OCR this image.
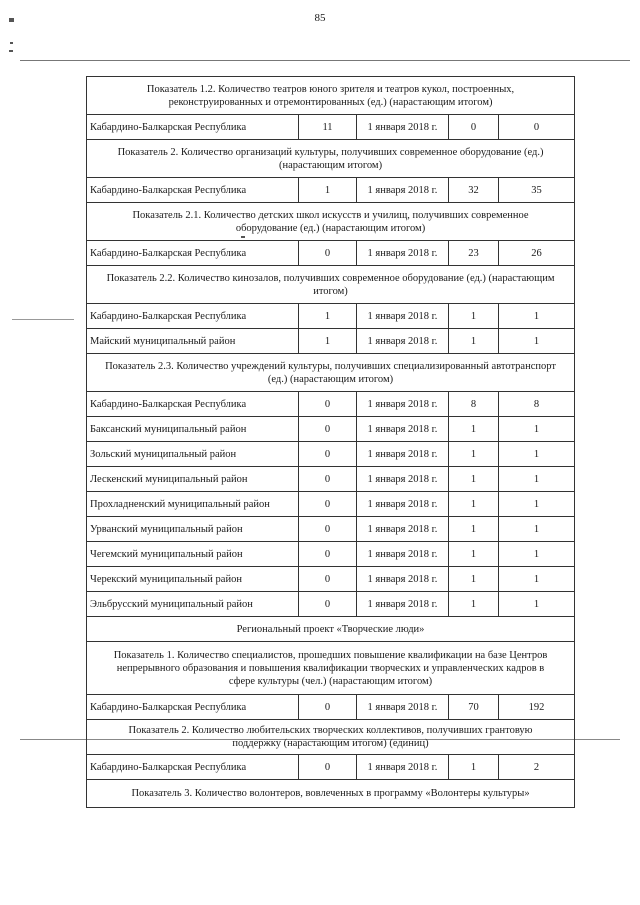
85
Показатель 1.2. Количество театров юного зрителя и театров кукол, построенных, реконструированных и отремонтированных (ед.) (нарастающим итогом)				
Кабардино-Балкарская Республика	11	1 января 2018 г.	0	0
Показатель 2. Количество организаций культуры, получивших современное оборудование (ед.) (нарастающим итогом)				
Кабардино-Балкарская Республика	1	1 января 2018 г.	32	35
Показатель 2.1. Количество детских школ искусств и училищ, получивших современное оборудование (ед.) (нарастающим итогом)				
Кабардино-Балкарская Республика	0	1 января 2018 г.	23	26
Показатель 2.2. Количество кинозалов, получивших современное оборудование (ед.) (нарастающим итогом)				
Кабардино-Балкарская Республика	1	1 января 2018 г.	1	1
Майский муниципальный район	1	1 января 2018 г.	1	1
Показатель 2.3. Количество учреждений культуры, получивших специализированный автотранспорт (ед.) (нарастающим итогом)				
Кабардино-Балкарская Республика	0	1 января 2018 г.	8	8
Баксанский муниципальный район	0	1 января 2018 г.	1	1
Зольский муниципальный район	0	1 января 2018 г.	1	1
Лескенский муниципальный район	0	1 января 2018 г.	1	1
Прохладненский муниципальный район	0	1 января 2018 г.	1	1
Урванский муниципальный район	0	1 января 2018 г.	1	1
Чегемский муниципальный район	0	1 января 2018 г.	1	1
Черекский муниципальный район	0	1 января 2018 г.	1	1
Эльбрусский муниципальный район	0	1 января 2018 г.	1	1
Региональный проект «Творческие люди»				
Показатель 1. Количество специалистов, прошедших повышение квалификации на базе Центров непрерывного образования и повышения квалификации творческих и управленческих кадров в сфере культуры (чел.) (нарастающим итогом)				
Кабардино-Балкарская Республика	0	1 января 2018 г.	70	192
Показатель 2. Количество любительских творческих коллективов, получивших грантовую поддержку (нарастающим итогом) (единиц)				
Кабардино-Балкарская Республика	0	1 января 2018 г.	1	2
Показатель 3. Количество волонтеров, вовлеченных в программу «Волонтеры культуры»				
